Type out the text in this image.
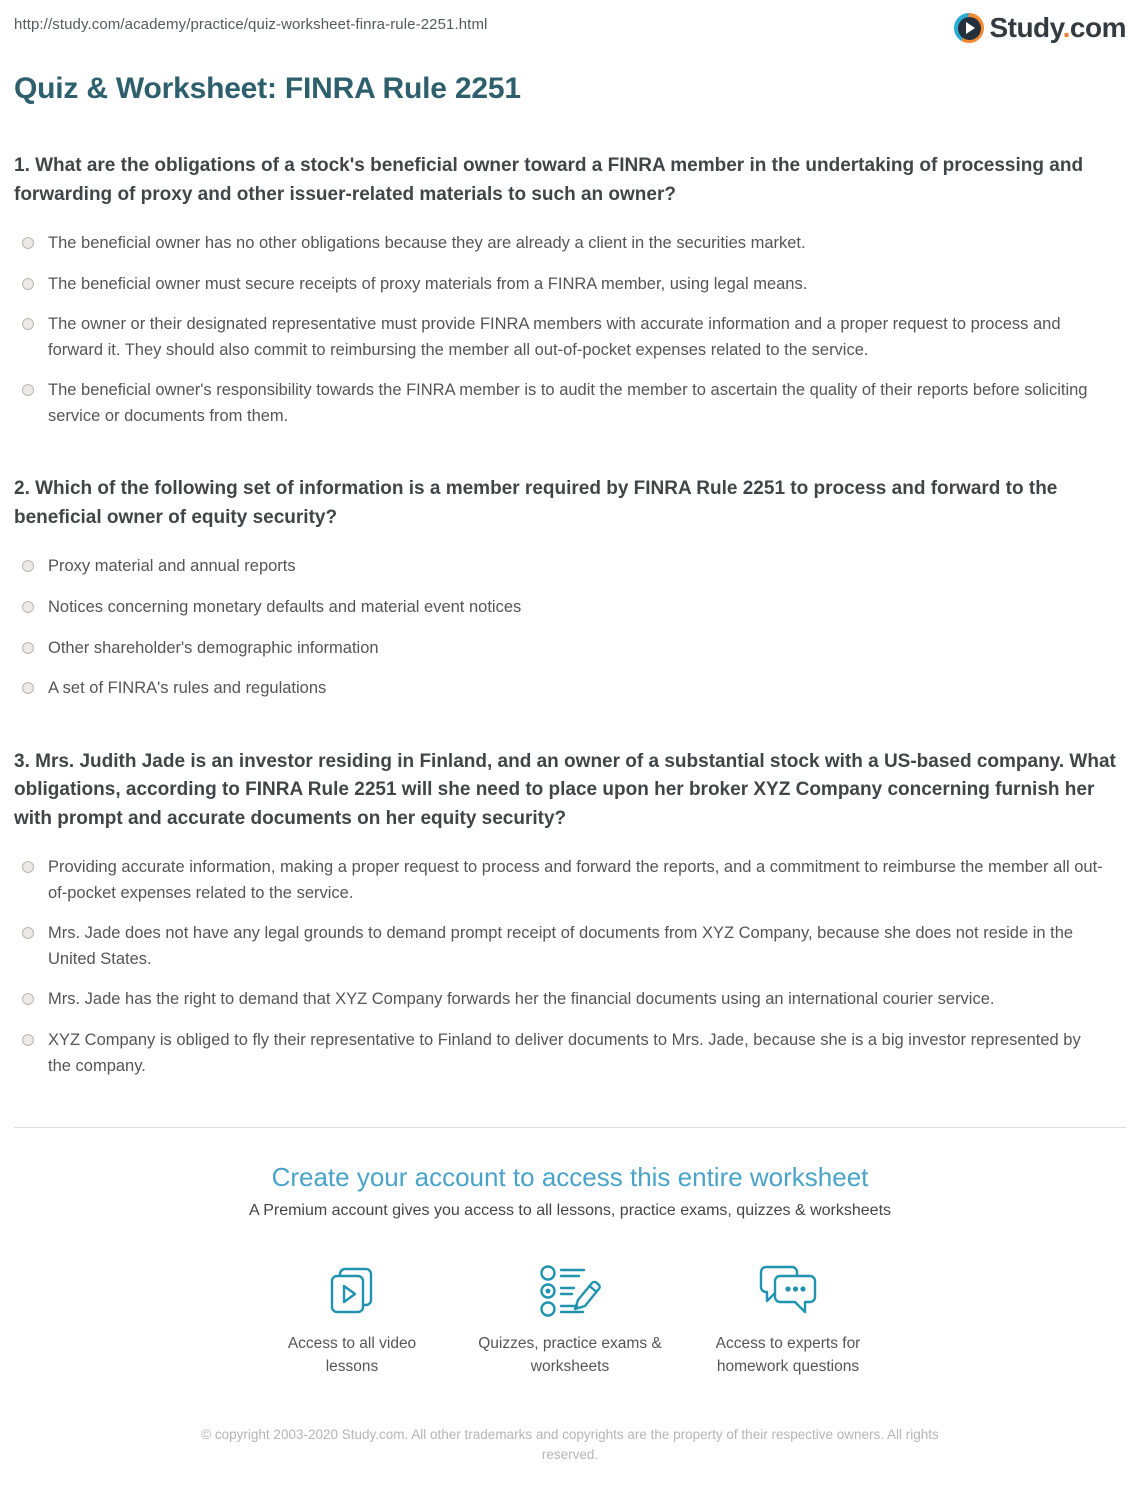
http://study.com/academy/practice/quiz-worksheet-finra-rule-2251.html	Study.com
Quiz & Worksheet: FINRA Rule 2251
1. What are the obligations of a stock's beneficial owner toward a FINRA member in the undertaking of processing and forwarding of proxy and other issuer-related materials to such an owner?
The beneficial owner has no other obligations because they are already a client in the securities market.
The beneficial owner must secure receipts of proxy materials from a FINRA member, using legal means.
The owner or their designated representative must provide FINRA members with accurate information and a proper request to process and forward it. They should also commit to reimbursing the member all out-of-pocket expenses related to the service.
The beneficial owner's responsibility towards the FINRA member is to audit the member to ascertain the quality of their reports before soliciting service or documents from them.
2. Which of the following set of information is a member required by FINRA Rule 2251 to process and forward to the beneficial owner of equity security?
Proxy material and annual reports
Notices concerning monetary defaults and material event notices
Other shareholder's demographic information
A set of FINRA's rules and regulations
3. Mrs. Judith Jade is an investor residing in Finland, and an owner of a substantial stock with a US-based company. What obligations, according to FINRA Rule 2251 will she need to place upon her broker XYZ Company concerning furnish her with prompt and accurate documents on her equity security?
Providing accurate information, making a proper request to process and forward the reports, and a commitment to reimburse the member all out-of-pocket expenses related to the service.
Mrs. Jade does not have any legal grounds to demand prompt receipt of documents from XYZ Company, because she does not reside in the United States.
Mrs. Jade has the right to demand that XYZ Company forwards her the financial documents using an international courier service.
XYZ Company is obliged to fly their representative to Finland to deliver documents to Mrs. Jade, because she is a big investor represented by the company.
Create your account to access this entire worksheet
A Premium account gives you access to all lessons, practice exams, quizzes & worksheets
Access to all video lessons
Quizzes, practice exams & worksheets
Access to experts for homework questions
© copyright 2003-2020 Study.com. All other trademarks and copyrights are the property of their respective owners. All rights reserved.
